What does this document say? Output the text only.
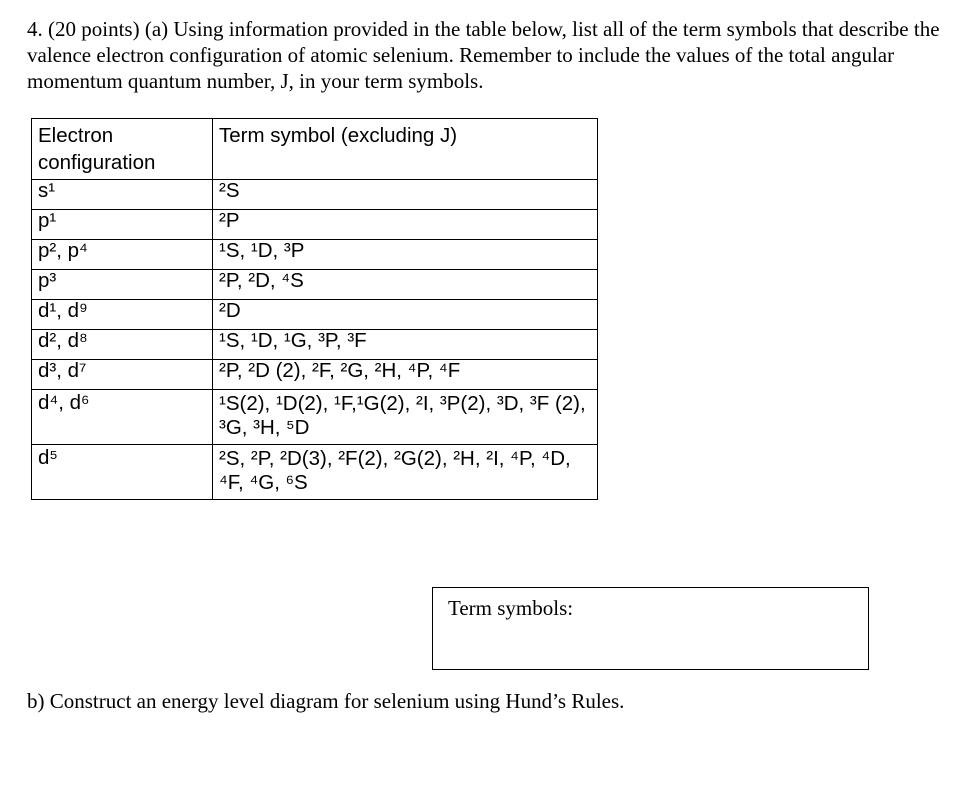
4. (20 points) (a) Using information provided in the table below, list all of the term symbols that describe the valence electron configuration of atomic selenium. Remember to include the values of the total angular momentum quantum number, J, in your term symbols.

Electron configuration	Term symbol (excluding J)
s¹	²S
p¹	²P
p², p⁴	¹S, ¹D, ³P
p³	²P, ²D, ⁴S
d¹, d⁹	²D
d², d⁸	¹S, ¹D, ¹G, ³P, ³F
d³, d⁷	²P, ²D (2), ²F, ²G, ²H, ⁴P, ⁴F
d⁴, d⁶	¹S(2), ¹D(2), ¹F,¹G(2), ²I, ³P(2), ³D, ³F (2), ³G, ³H, ⁵D
d⁵	²S, ²P, ²D(3), ²F(2), ²G(2), ²H, ²I, ⁴P, ⁴D, ⁴F, ⁴G, ⁶S
Term symbols:

b) Construct an energy level diagram for selenium using Hund’s Rules.
